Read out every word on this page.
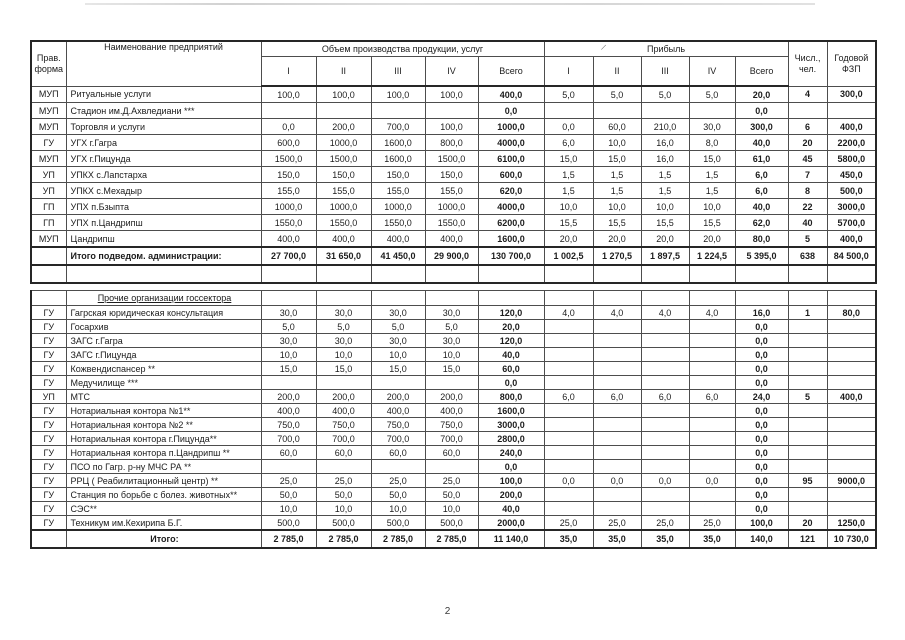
Прав. форма	Наименование предприятий	Объем производства продукции, услуг					⁄ Прибыль					Числ., чел.	Годовой ФЗП
		I	II	III	IV	Всего	I	II	III	IV	Всего		
МУП	Ритуальные услуги	100,0	100,0	100,0	100,0	400,0	5,0	5,0	5,0	5,0	20,0	4	300,0
МУП	Стадион им.Д.Ахвледиани ***					0,0					0,0		
МУП	Торговля и услуги	0,0	200,0	700,0	100,0	1000,0	0,0	60,0	210,0	30,0	300,0	6	400,0
ГУ	УГХ г.Гагра	600,0	1000,0	1600,0	800,0	4000,0	6,0	10,0	16,0	8,0	40,0	20	2200,0
МУП	УГХ г.Пицунда	1500,0	1500,0	1600,0	1500,0	6100,0	15,0	15,0	16,0	15,0	61,0	45	5800,0
УП	УПКХ с.Лапстарха	150,0	150,0	150,0	150,0	600,0	1,5	1,5	1,5	1,5	6,0	7	450,0
УП	УПКХ с.Мехадыр	155,0	155,0	155,0	155,0	620,0	1,5	1,5	1,5	1,5	6,0	8	500,0
ГП	УПХ п.Бзыпта	1000,0	1000,0	1000,0	1000,0	4000,0	10,0	10,0	10,0	10,0	40,0	22	3000,0
ГП	УПХ п.Цандрипш	1550,0	1550,0	1550,0	1550,0	6200,0	15,5	15,5	15,5	15,5	62,0	40	5700,0
МУП	Цандрипш	400,0	400,0	400,0	400,0	1600,0	20,0	20,0	20,0	20,0	80,0	5	400,0
	Итого подведом. администрации:	27 700,0	31 650,0	41 450,0	29 900,0	130 700,0	1 002,5	1 270,5	1 897,5	1 224,5	5 395,0	638	84 500,0

	Прочие организации госсектора												
ГУ	Гагрская юридическая консультация	30,0	30,0	30,0	30,0	120,0	4,0	4,0	4,0	4,0	16,0	1	80,0
ГУ	Госархив	5,0	5,0	5,0	5,0	20,0					0,0		
ГУ	ЗАГС г.Гагра	30,0	30,0	30,0	30,0	120,0					0,0		
ГУ	ЗАГС г.Пицунда	10,0	10,0	10,0	10,0	40,0					0,0		
ГУ	Кожвендиспансер **	15,0	15,0	15,0	15,0	60,0					0,0		
ГУ	Медучилище ***					0,0					0,0		
УП	МТС	200,0	200,0	200,0	200,0	800,0	6,0	6,0	6,0	6,0	24,0	5	400,0
ГУ	Нотариальная контора №1**	400,0	400,0	400,0	400,0	1600,0					0,0		
ГУ	Нотариальная контора №2 **	750,0	750,0	750,0	750,0	3000,0					0,0		
ГУ	Нотариальная контора г.Пицунда**	700,0	700,0	700,0	700,0	2800,0					0,0		
ГУ	Нотариальная контора п.Цандрипш **	60,0	60,0	60,0	60,0	240,0					0,0		
ГУ	ПСО по Гагр. р-ну МЧС РА **					0,0					0,0		
ГУ	РРЦ ( Реабилитационный центр) **	25,0	25,0	25,0	25,0	100,0	0,0	0,0	0,0	0,0	0,0	95	9000,0
ГУ	Станция по борьбе с болез. животных**	50,0	50,0	50,0	50,0	200,0					0,0		
ГУ	СЭС**	10,0	10,0	10,0	10,0	40,0					0,0		
ГУ	Техникум им.Кехирипа Б.Г.	500,0	500,0	500,0	500,0	2000,0	25,0	25,0	25,0	25,0	100,0	20	1250,0
	Итого:	2 785,0	2 785,0	2 785,0	2 785,0	11 140,0	35,0	35,0	35,0	35,0	140,0	121	10 730,0
2
